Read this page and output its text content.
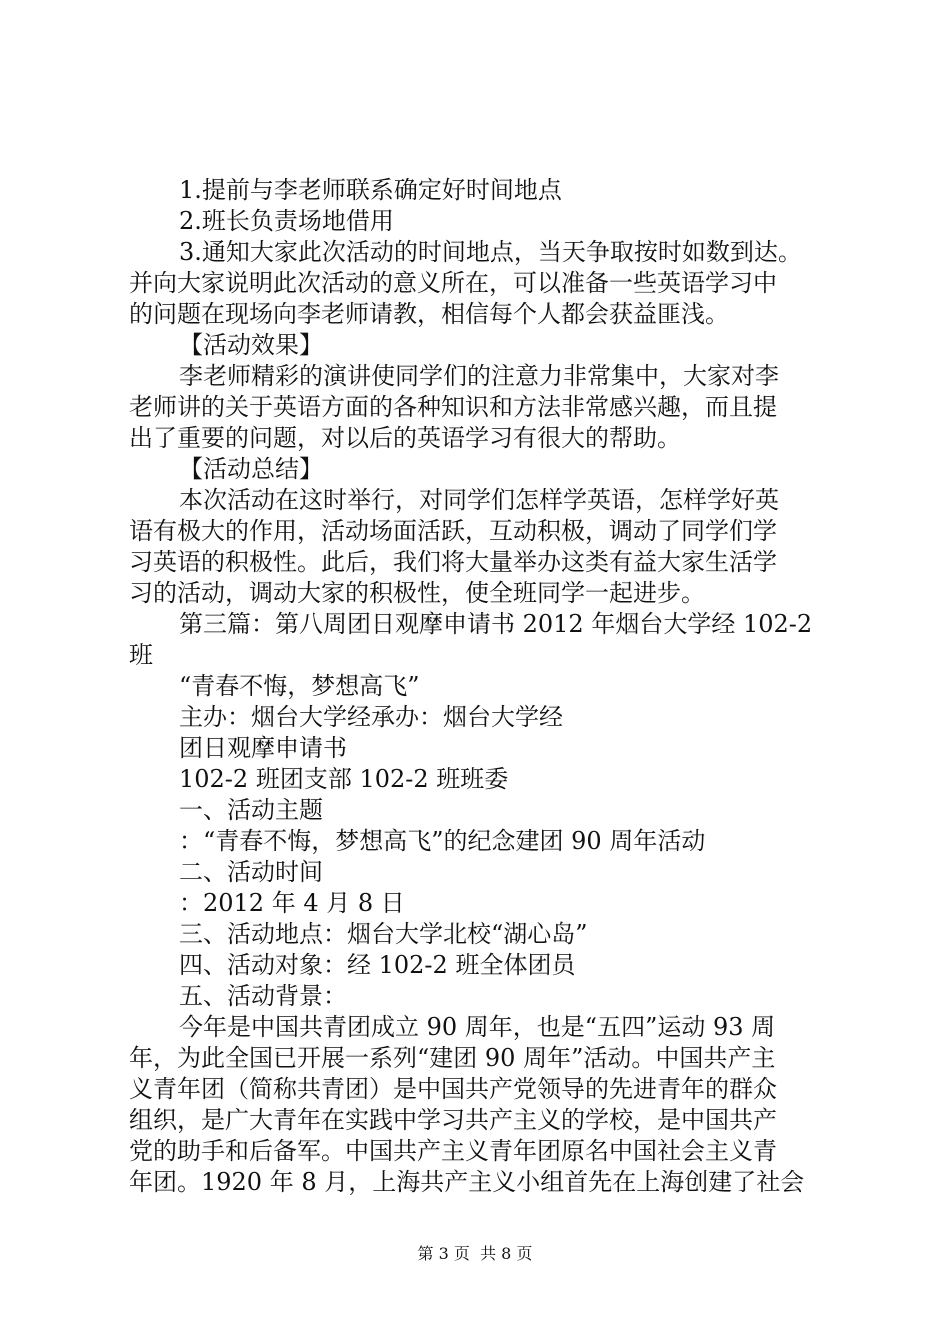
1.提前与李老师联系确定好时间地点
2.班长负责场地借用
3.通知大家此次活动的时间地点，当天争取按时如数到达。
并向大家说明此次活动的意义所在，可以准备一些英语学习中
的问题在现场向李老师请教，相信每个人都会获益匪浅。
【活动效果】
李老师精彩的演讲使同学们的注意力非常集中，大家对李
老师讲的关于英语方面的各种知识和方法非常感兴趣，而且提
出了重要的问题，对以后的英语学习有很大的帮助。
【活动总结】
本次活动在这时举行，对同学们怎样学英语，怎样学好英
语有极大的作用，活动场面活跃，互动积极，调动了同学们学
习英语的积极性。此后，我们将大量举办这类有益大家生活学
习的活动，调动大家的积极性，使全班同学一起进步。
第三篇：第八周团日观摩申请书 2012 年烟台大学经 102-2
班
“青春不悔，梦想高飞”
主办：烟台大学经承办：烟台大学经
团日观摩申请书
102-2 班团支部 102-2 班班委
一、活动主题
：“青春不悔，梦想高飞”的纪念建团 90 周年活动
二、活动时间
：2012 年 4 月 8 日
三、活动地点：烟台大学北校“湖心岛”
四、活动对象：经 102-2 班全体团员
五、活动背景：
今年是中国共青团成立 90 周年，也是“五四”运动 93 周
年，为此全国已开展一系列“建团 90 周年”活动。中国共产主
义青年团（简称共青团）是中国共产党领导的先进青年的群众
组织，是广大青年在实践中学习共产主义的学校，是中国共产
党的助手和后备军。中国共产主义青年团原名中国社会主义青
年团。1920 年 8 月，上海共产主义小组首先在上海创建了社会
第 3 页  共 8 页
